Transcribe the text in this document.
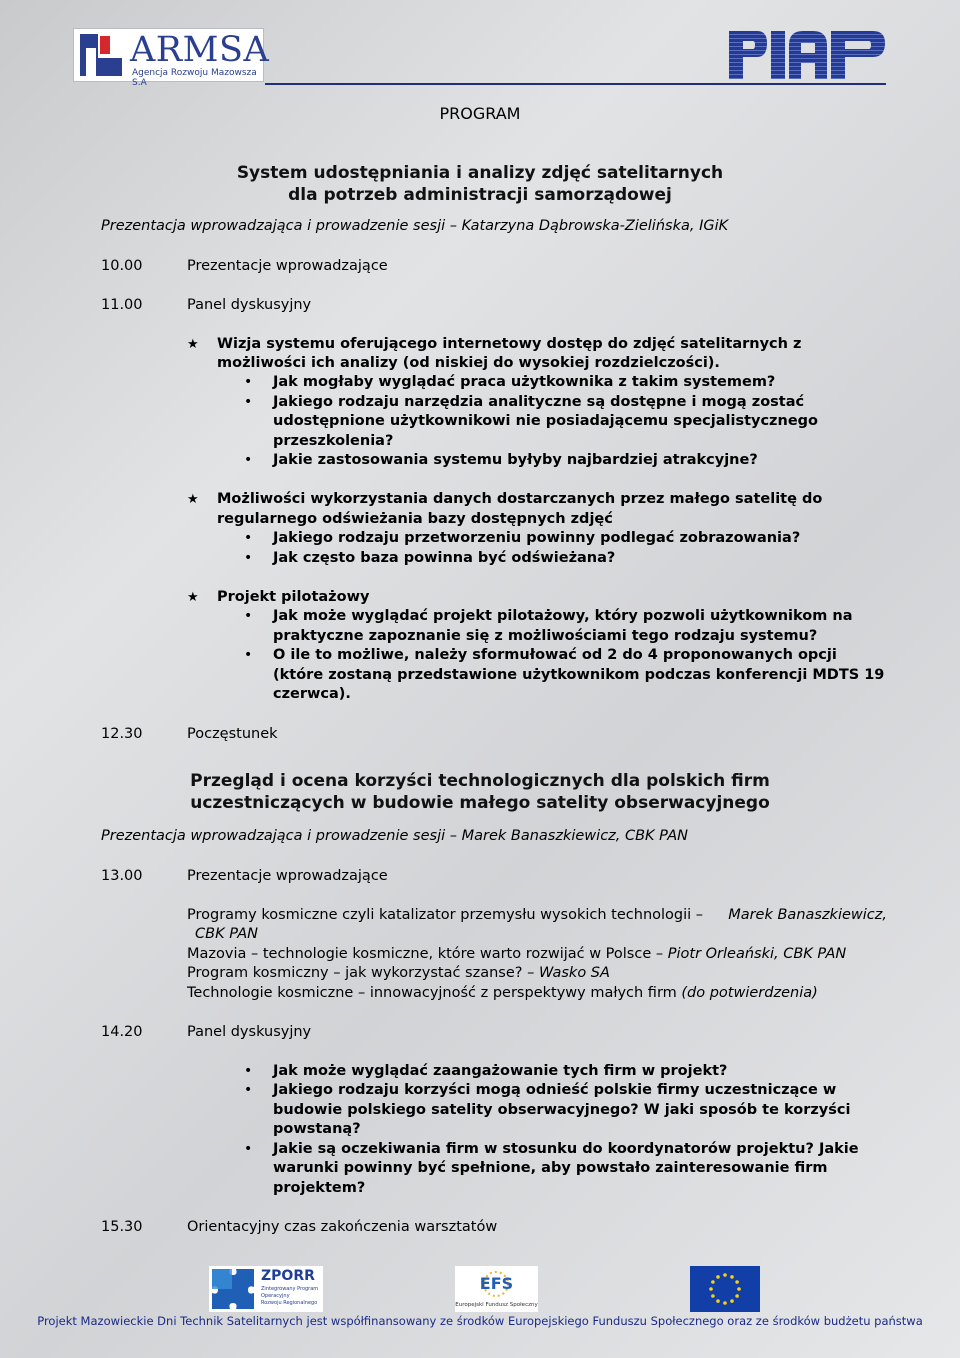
ARMSA
Agencja Rozwoju Mazowsza S.A
PROGRAM
System udostępniania i analizy zdjęć satelitarnych
dla potrzeb administracji samorządowej
Prezentacja wprowadzająca i prowadzenie sesji – Katarzyna Dąbrowska-Zielińska, IGiK
10.00	Prezentacje wprowadzające
11.00	Panel dyskusyjny
★ Wizja systemu oferującego internetowy dostęp do zdjęć satelitarnych z
możliwości ich analizy (od niskiej do wysokiej rozdzielczości).
• Jak mogłaby wyglądać praca użytkownika z takim systemem?
• Jakiego rodzaju narzędzia analityczne są dostępne i mogą zostać
udostępnione użytkownikowi nie posiadającemu specjalistycznego
przeszkolenia?
• Jakie zastosowania systemu byłyby najbardziej atrakcyjne?
★ Możliwości wykorzystania danych dostarczanych przez małego satelitę do
regularnego odświeżania bazy dostępnych zdjęć
• Jakiego rodzaju przetworzeniu powinny podlegać zobrazowania?
• Jak często baza powinna być odświeżana?
★ Projekt pilotażowy
• Jak może wyglądać projekt pilotażowy, który pozwoli użytkownikom na
praktyczne zapoznanie się z możliwościami tego rodzaju systemu?
• O ile to możliwe, należy sformułować od 2 do 4 proponowanych opcji
(które zostaną przedstawione użytkownikom podczas konferencji MDTS 19
czerwca).
12.30	Poczęstunek
Przegląd i ocena korzyści technologicznych dla polskich firm
uczestniczących w budowie małego satelity obserwacyjnego
Prezentacja wprowadzająca i prowadzenie sesji – Marek Banaszkiewicz, CBK PAN
13.00	Prezentacje wprowadzające
Programy kosmiczne czyli katalizator przemysłu wysokich technologii – Marek Banaszkiewicz,
CBK PAN
Mazovia – technologie kosmiczne, które warto rozwijać w Polsce – Piotr Orleański, CBK PAN
Program kosmiczny – jak wykorzystać szanse? – Wasko SA
Technologie kosmiczne – innowacyjność z perspektywy małych firm (do potwierdzenia)
14.20	Panel dyskusyjny
• Jak może wyglądać zaangażowanie tych firm w projekt?
• Jakiego rodzaju korzyści mogą odnieść polskie firmy uczestniczące w
budowie polskiego satelity obserwacyjnego? W jaki sposób te korzyści
powstaną?
• Jakie są oczekiwania firm w stosunku do koordynatorów projektu? Jakie
warunki powinny być spełnione, aby powstało zainteresowanie firm
projektem?
15.30	Orientacyjny czas zakończenia warsztatów
ZPORR
Zintegrowany Program
Operacyjny
Rozwoju Regionalnego
EFS
Europejski Fundusz Społeczny
Projekt Mazowieckie Dni Technik Satelitarnych jest współfinansowany ze środków Europejskiego Funduszu Społecznego oraz ze środków budżetu państwa
